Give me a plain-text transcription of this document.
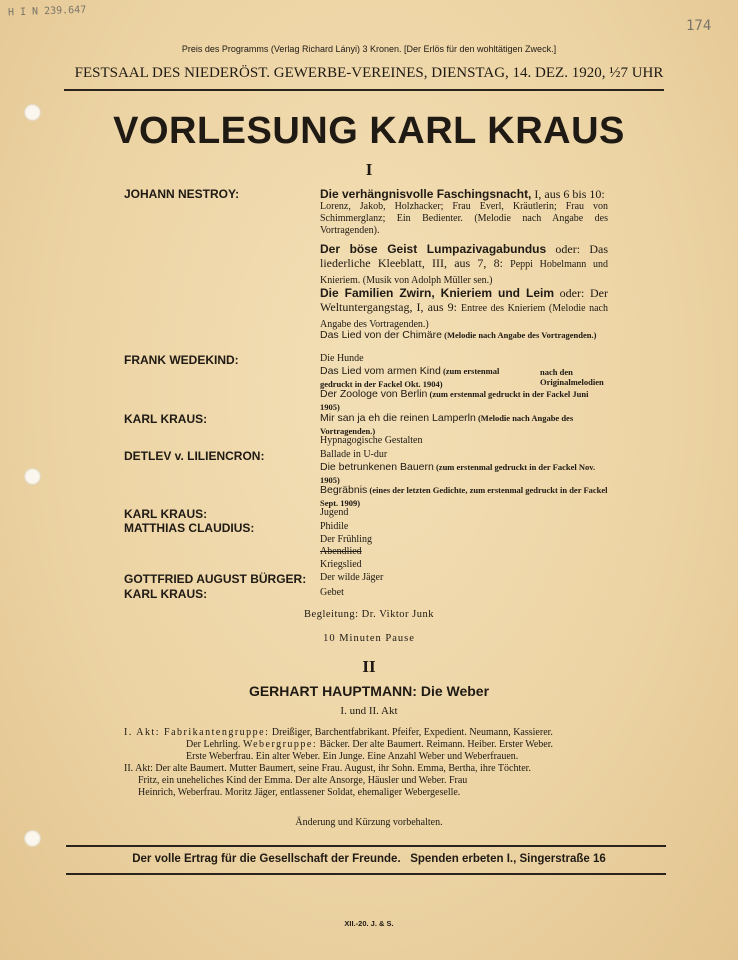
H I N 239.647
174
Preis des Programms (Verlag Richard Lányi) 3 Kronen. [Der Erlös für den wohltätigen Zweck.]
FESTSAAL DES NIEDERÖST. GEWERBE-VEREINES, DIENSTAG, 14. DEZ. 1920, ½7 UHR
VORLESUNG KARL KRAUS
I
JOHANN NESTROY:
FRANK WEDEKIND:
KARL KRAUS:
DETLEV v. LILIENCRON:
KARL KRAUS:
MATTHIAS CLAUDIUS:
GOTTFRIED AUGUST BÜRGER:
KARL KRAUS:
Die verhängnisvolle Faschingsnacht, I, aus 6 bis 10:
Lorenz, Jakob, Holzhacker; Frau Everl, Kräutlerin; Frau von Schimmerglanz; Ein Bedienter. (Melodie nach Angabe des Vortragenden).
Der böse Geist Lumpazivagabundus oder: Das liederliche Kleeblatt, III, aus 7, 8: Peppi Hobelmann und Knieriem. (Musik von Adolph Müller sen.)
Die Familien Zwirn, Knieriem und Leim oder: Der Weltuntergangstag, I, aus 9: Entree des Knieriem (Melodie nach Angabe des Vortragenden.)
Das Lied von der Chimäre (Melodie nach Angabe des Vortragenden.)
Die Hunde
Das Lied vom armen Kind (zum erstenmal gedruckt in der Fackel Okt. 1904)
nach den Originalmelodien
Der Zoologe von Berlin (zum erstenmal gedruckt in der Fackel Juni 1905)
Mir san ja eh die reinen Lamperln (Melodie nach Angabe des Vortragenden.)
Hypnagogische Gestalten
Ballade in U-dur
Die betrunkenen Bauern (zum erstenmal gedruckt in der Fackel Nov. 1905)
Begräbnis (eines der letzten Gedichte, zum erstenmal gedruckt in der Fackel Sept. 1909)
Jugend
Phidile
Der Frühling
Abendlied
Kriegslied
Der wilde Jäger
Gebet
Begleitung: Dr. Viktor Junk
10 Minuten Pause
II
GERHART HAUPTMANN: Die Weber
I. und II. Akt
I. Akt: Fabrikantengruppe: Dreißiger, Barchentfabrikant. Pfeifer, Expedient. Neumann, Kassierer.
Der Lehrling. Webergruppe: Bäcker. Der alte Baumert. Reimann. Heiber. Erster Weber.
Erste Weberfrau. Ein alter Weber. Ein Junge. Eine Anzahl Weber und Weberfrauen.
II. Akt: Der alte Baumert. Mutter Baumert, seine Frau. August, ihr Sohn. Emma, Bertha, ihre Töchter.
Fritz, ein uneheliches Kind der Emma. Der alte Ansorge, Häusler und Weber. Frau
Heinrich, Weberfrau. Moritz Jäger, entlassener Soldat, ehemaliger Webergeselle.
Änderung und Kürzung vorbehalten.
Der volle Ertrag für die Gesellschaft der Freunde.   Spenden erbeten I., Singerstraße 16
XII.-20. J. & S.
